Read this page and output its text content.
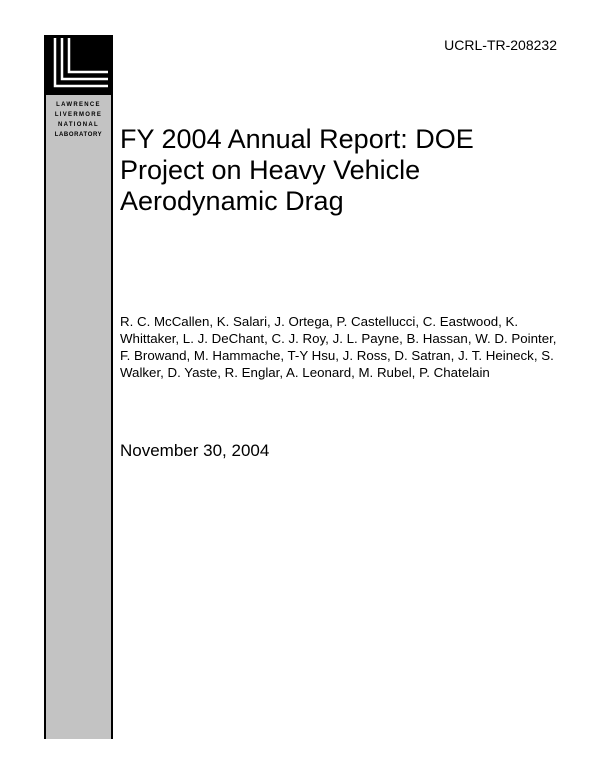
LAWRENCE
LIVERMORE
NATIONAL
LABORATORY
UCRL-TR-208232
FY 2004 Annual Report: DOE Project on Heavy Vehicle Aerodynamic Drag
R. C. McCallen, K. Salari, J. Ortega, P. Castellucci, C. Eastwood, K. Whittaker, L. J. DeChant, C. J. Roy, J. L. Payne, B. Hassan, W. D. Pointer, F. Browand, M. Hammache, T-Y Hsu, J. Ross, D. Satran, J. T. Heineck, S. Walker, D. Yaste, R. Englar, A. Leonard, M. Rubel, P. Chatelain
November 30, 2004
